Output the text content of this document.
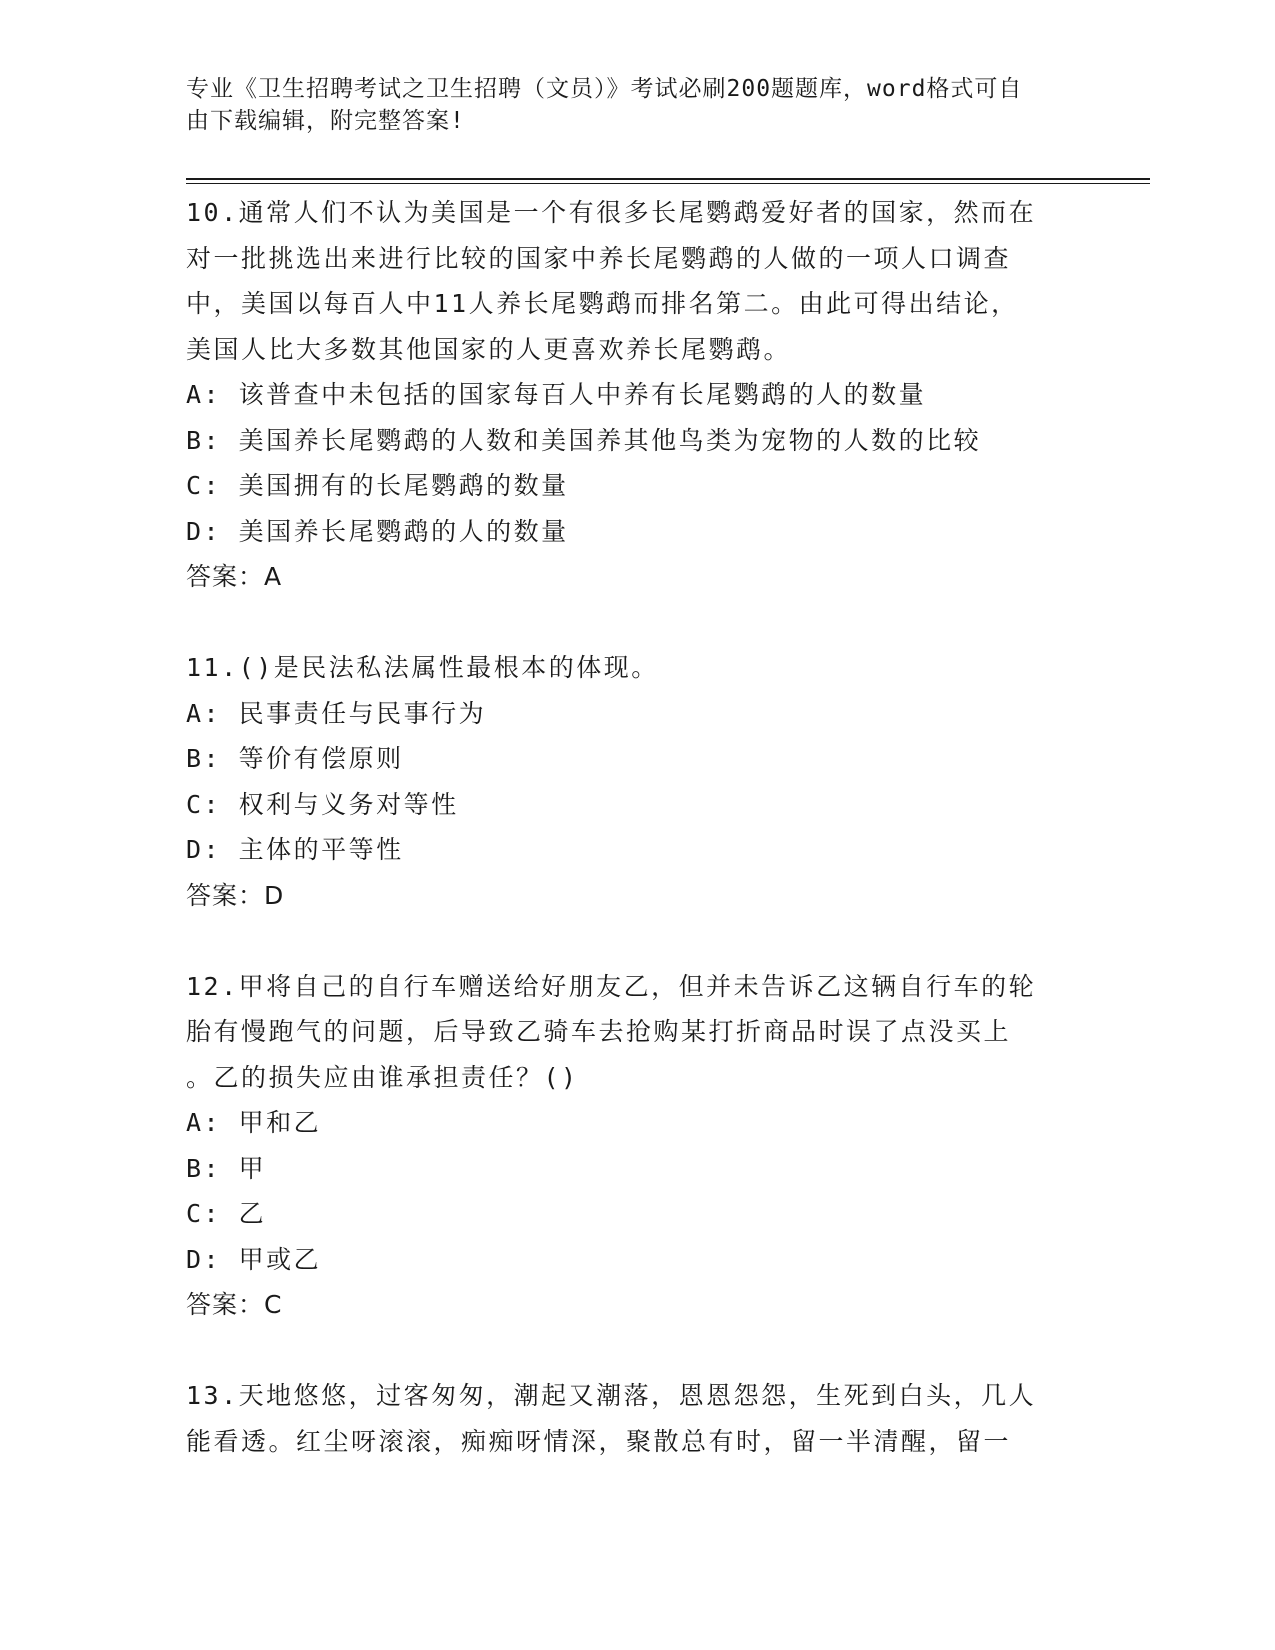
专业《卫生招聘考试之卫生招聘（文员）》考试必刷200题题库，word格式可自
由下载编辑，附完整答案!

10.通常人们不认为美国是一个有很多长尾鹦鹉爱好者的国家，然而在

对一批挑选出来进行比较的国家中养长尾鹦鹉的人做的一项人口调查

中，美国以每百人中11人养长尾鹦鹉而排名第二。由此可得出结论，

美国人比大多数其他国家的人更喜欢养长尾鹦鹉。

A: 该普查中未包括的国家每百人中养有长尾鹦鹉的人的数量

B: 美国养长尾鹦鹉的人数和美国养其他鸟类为宠物的人数的比较

C: 美国拥有的长尾鹦鹉的数量

D: 美国养长尾鹦鹉的人的数量

答案：A

11.()是民法私法属性最根本的体现。

A: 民事责任与民事行为

B: 等价有偿原则

C: 权利与义务对等性

D: 主体的平等性

答案：D

12.甲将自己的自行车赠送给好朋友乙，但并未告诉乙这辆自行车的轮

胎有慢跑气的问题，后导致乙骑车去抢购某打折商品时误了点没买上

。乙的损失应由谁承担责任？()

A: 甲和乙

B: 甲

C: 乙

D: 甲或乙

答案：C

13.天地悠悠，过客匆匆，潮起又潮落，恩恩怨怨，生死到白头，几人

能看透。红尘呀滚滚，痴痴呀情深，聚散总有时，留一半清醒，留一
